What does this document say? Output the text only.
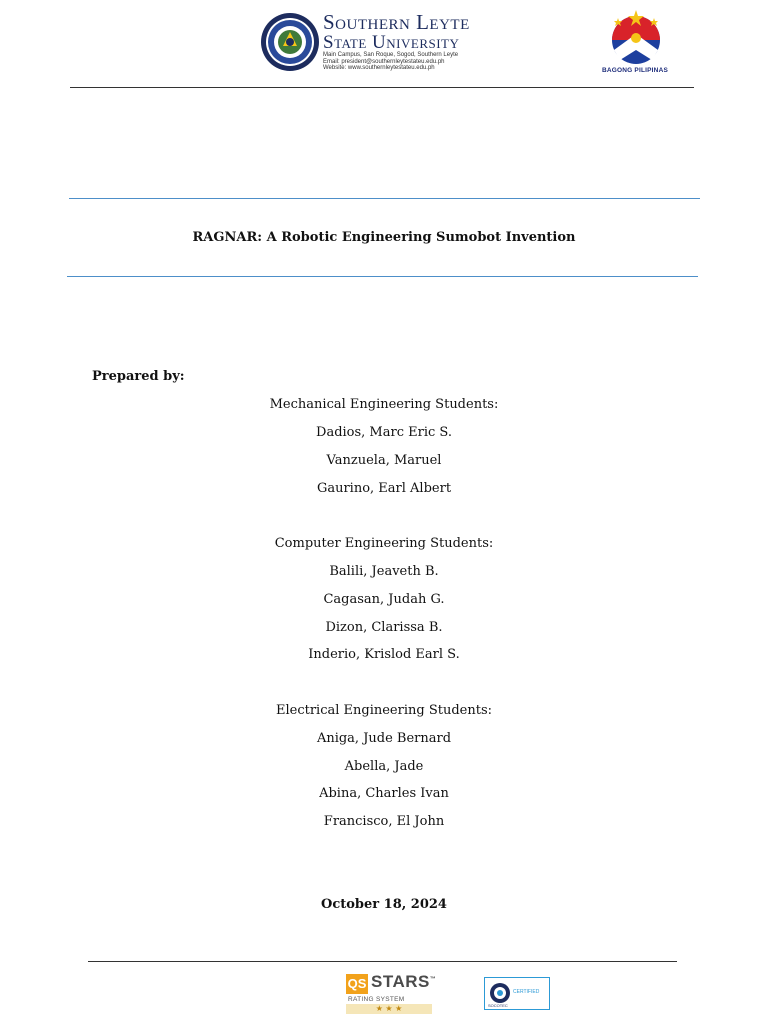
Southern Leyte
State University
Main Campus, San Roque, Sogod, Southern Leyte
Email: president@southernleytestateu.edu.ph
Website: www.southernleytestateu.edu.ph	BAGONG PILIPINAS
RAGNAR: A Robotic Engineering Sumobot Invention
Prepared by:
Mechanical Engineering Students:
Dadios, Marc Eric S.
Vanzuela, Maruel
Gaurino, Earl Albert
Computer Engineering Students:
Balili, Jeaveth B.
Cagasan, Judah G.
Dizon, Clarissa B.
Inderio, Krislod Earl S.
Electrical Engineering Students:
Aniga, Jude Bernard
Abella, Jade
Abina, Charles Ivan
Francisco, El John
October 18, 2024
QS STARS™
RATING SYSTEM
★ ★ ★
CERTIFIED
SOCOTEC
